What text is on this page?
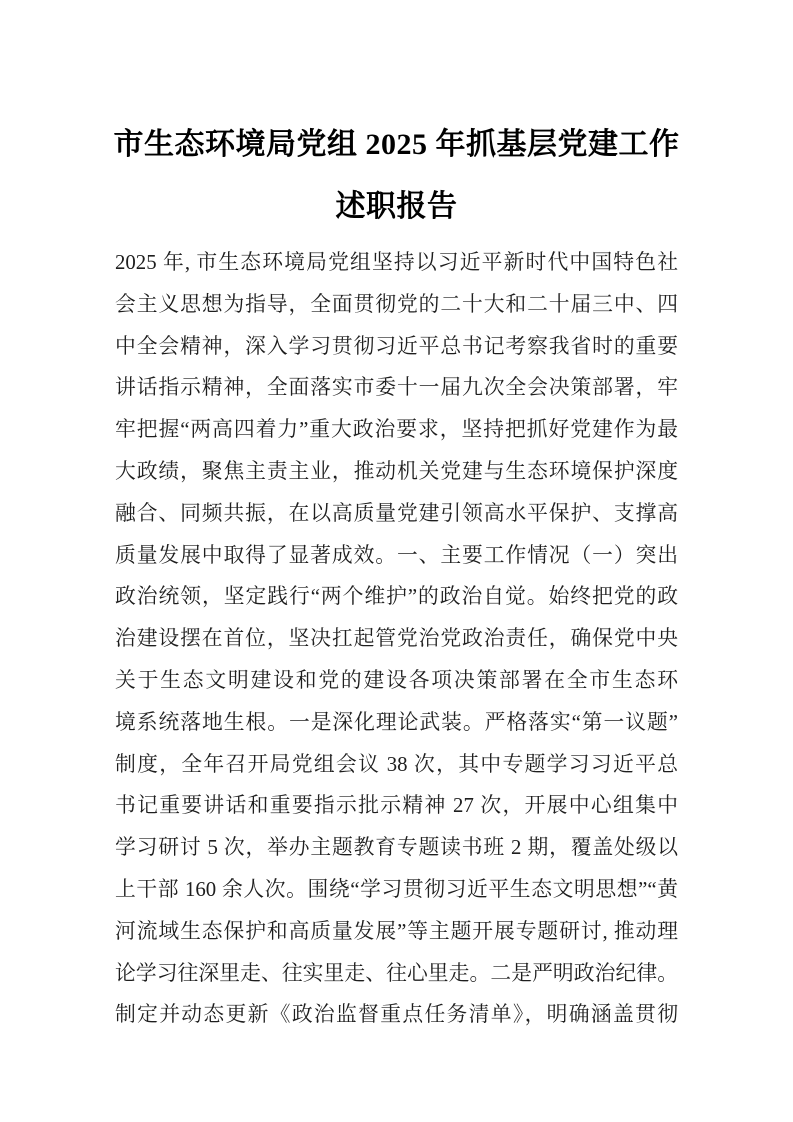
市生态环境局党组 2025 年抓基层党建工作
述职报告
2025 年, 市生态环境局党组坚持以习近平新时代中国特色社
会主义思想为指导，全面贯彻党的二十大和二十届三中、四
中全会精神，深入学习贯彻习近平总书记考察我省时的重要
讲话指示精神，全面落实市委十一届九次全会决策部署，牢
牢把握“两高四着力”重大政治要求，坚持把抓好党建作为最
大政绩，聚焦主责主业，推动机关党建与生态环境保护深度
融合、同频共振，在以高质量党建引领高水平保护、支撑高
质量发展中取得了显著成效。一、主要工作情况（一）突出
政治统领，坚定践行“两个维护”的政治自觉。始终把党的政
治建设摆在首位，坚决扛起管党治党政治责任，确保党中央
关于生态文明建设和党的建设各项决策部署在全市生态环
境系统落地生根。一是深化理论武装。严格落实“第一议题”
制度，全年召开局党组会议 38 次，其中专题学习习近平总
书记重要讲话和重要指示批示精神 27 次，开展中心组集中
学习研讨 5 次，举办主题教育专题读书班 2 期，覆盖处级以
上干部 160 余人次。围绕“学习贯彻习近平生态文明思想”“黄
河流域生态保护和高质量发展”等主题开展专题研讨, 推动理
论学习往深里走、往实里走、往心里走。二是严明政治纪律。
制定并动态更新《政治监督重点任务清单》，明确涵盖贯彻
